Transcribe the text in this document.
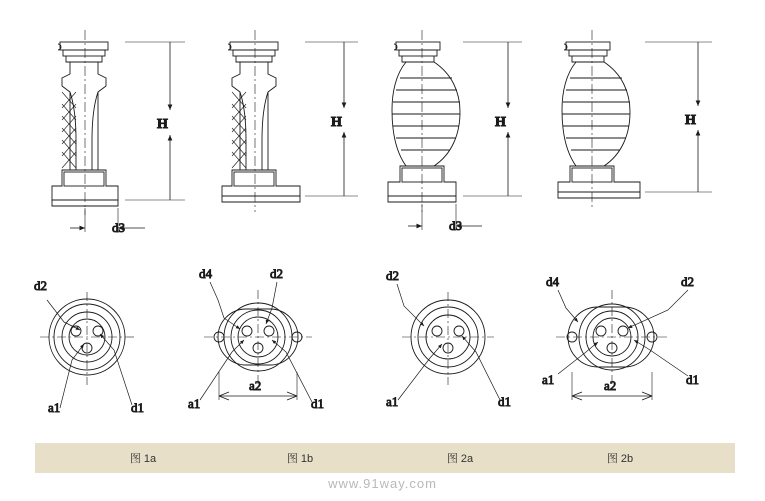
H
d3
H	H
d3
H
d2
a1	d1
d4	d2
a1
a2
d1
d2
a1	d1
d4	d2
a1	a2	d1
图 1a	图 1b	图 2a	图 2b
www.91way.com
